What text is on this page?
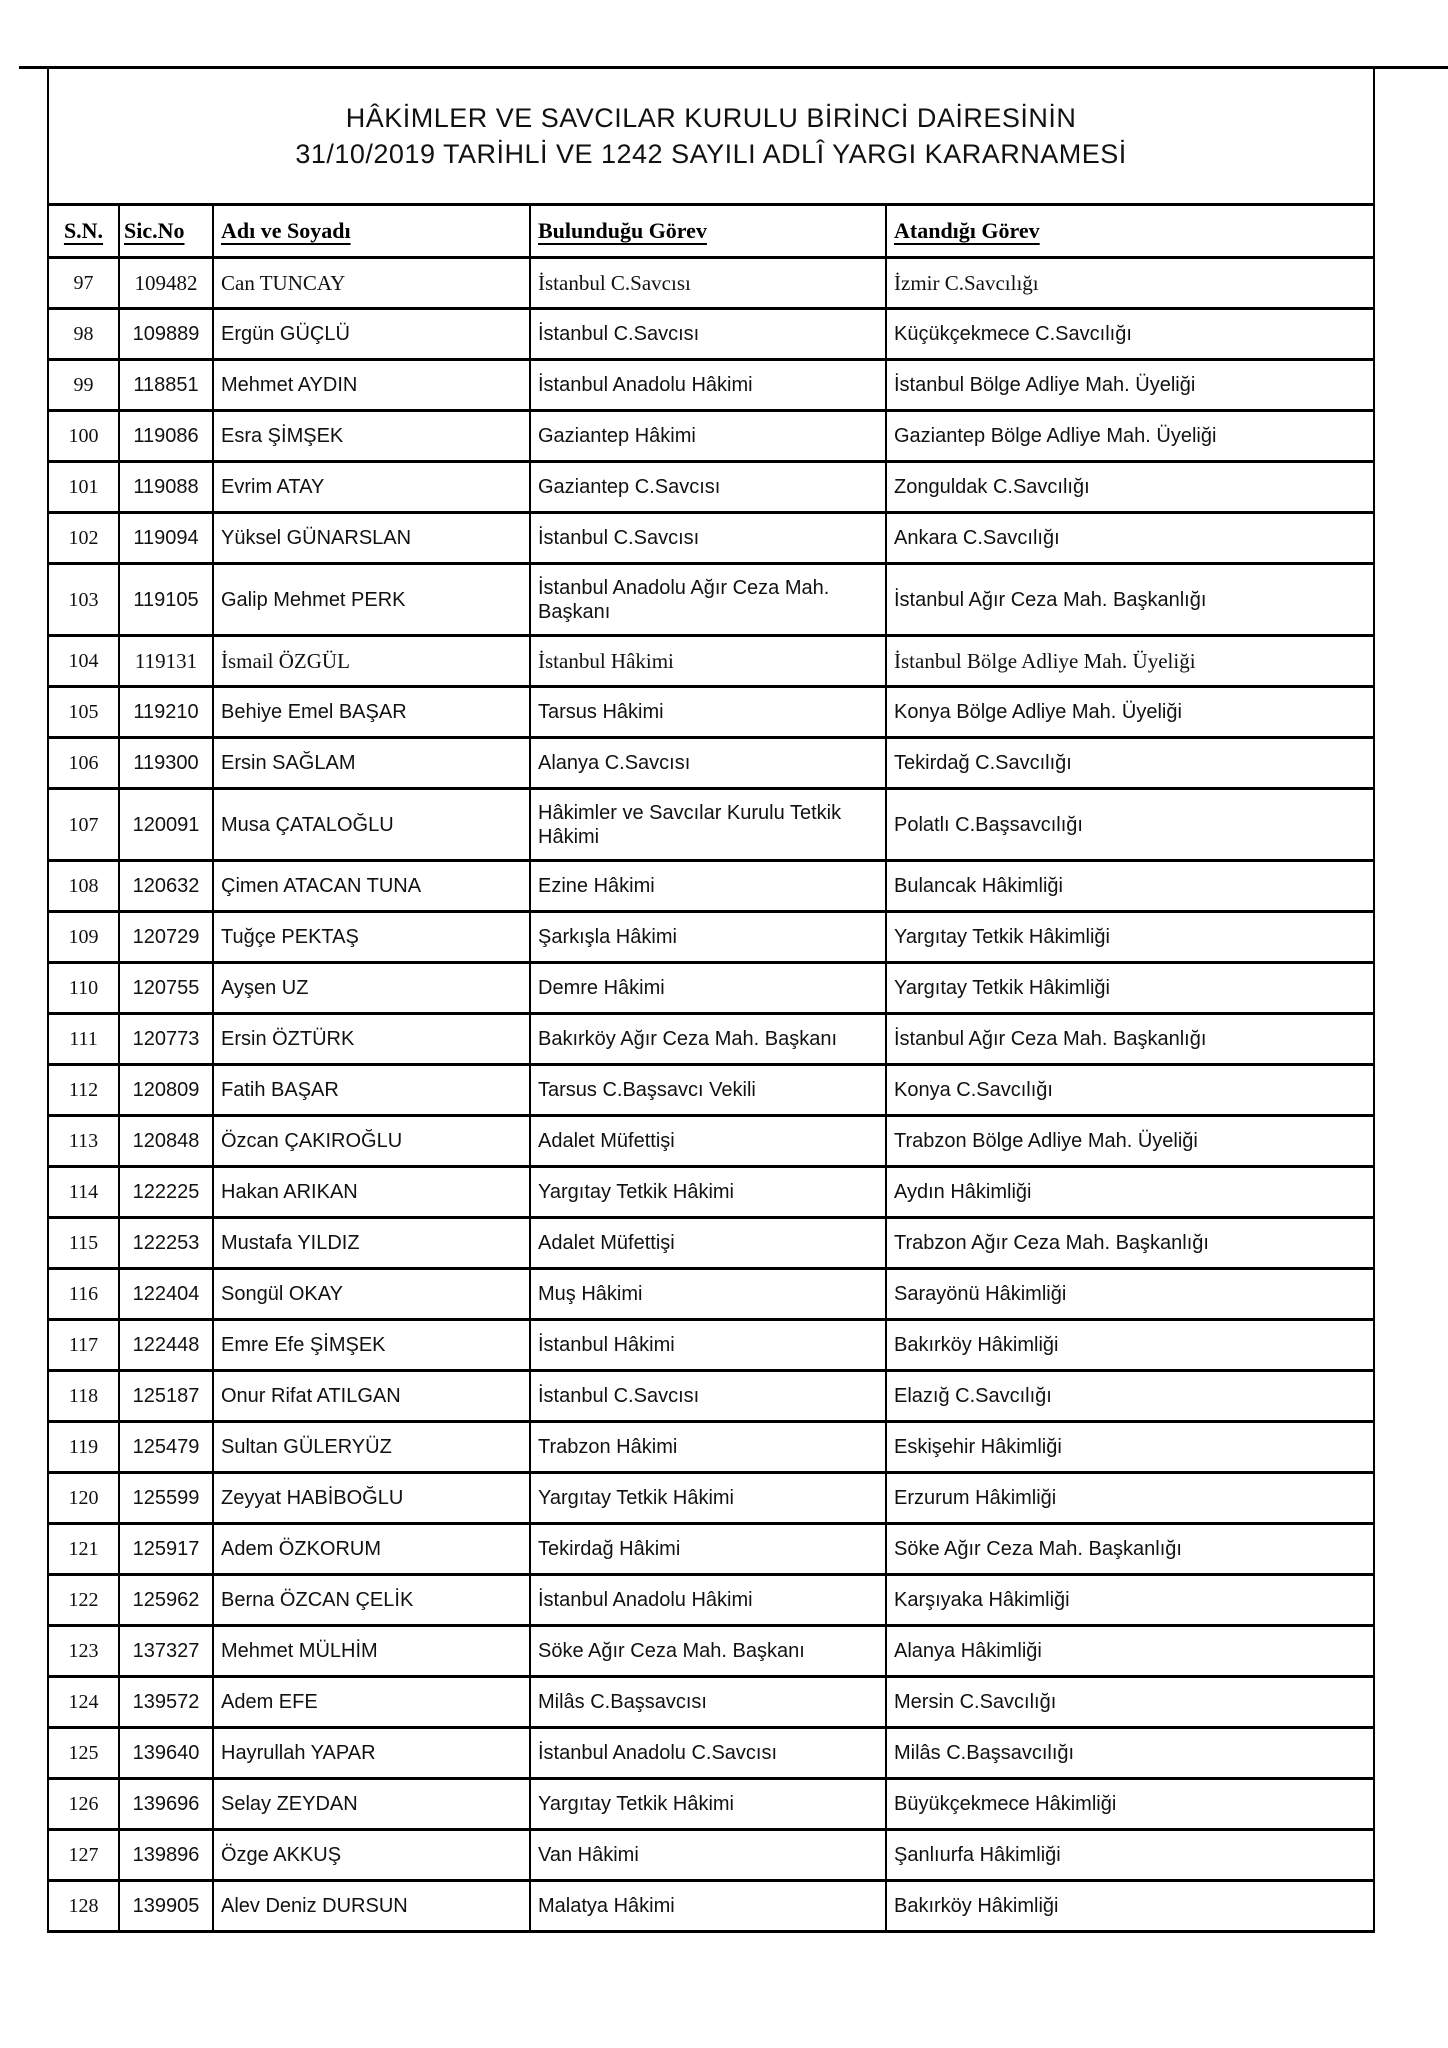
HÂKİMLER VE SAVCILAR KURULU BİRİNCİ DAİRESİNİN
31/10/2019 TARİHLİ VE 1242 SAYILI ADLÎ YARGI KARARNAMESİ				

S.N.	Sic.No	Adı ve Soyadı	Bulunduğu Görev	Atandığı Görev
97	109482	Can TUNCAY	İstanbul C.Savcısı	İzmir C.Savcılığı
98	109889	Ergün GÜÇLÜ	İstanbul C.Savcısı	Küçükçekmece C.Savcılığı
99	118851	Mehmet AYDIN	İstanbul Anadolu Hâkimi	İstanbul Bölge Adliye Mah. Üyeliği
100	119086	Esra ŞİMŞEK	Gaziantep Hâkimi	Gaziantep Bölge Adliye Mah. Üyeliği
101	119088	Evrim ATAY	Gaziantep C.Savcısı	Zonguldak C.Savcılığı
102	119094	Yüksel GÜNARSLAN	İstanbul C.Savcısı	Ankara C.Savcılığı
103	119105	Galip Mehmet PERK	İstanbul Anadolu Ağır Ceza Mah. Başkanı	İstanbul Ağır Ceza Mah. Başkanlığı
104	119131	İsmail ÖZGÜL	İstanbul Hâkimi	İstanbul Bölge Adliye Mah. Üyeliği
105	119210	Behiye Emel BAŞAR	Tarsus Hâkimi	Konya Bölge Adliye Mah. Üyeliği
106	119300	Ersin SAĞLAM	Alanya C.Savcısı	Tekirdağ C.Savcılığı
107	120091	Musa ÇATALOĞLU	Hâkimler ve Savcılar Kurulu Tetkik Hâkimi	Polatlı C.Başsavcılığı
108	120632	Çimen ATACAN TUNA	Ezine Hâkimi	Bulancak Hâkimliği
109	120729	Tuğçe PEKTAŞ	Şarkışla Hâkimi	Yargıtay Tetkik Hâkimliği
110	120755	Ayşen UZ	Demre Hâkimi	Yargıtay Tetkik Hâkimliği
111	120773	Ersin ÖZTÜRK	Bakırköy Ağır Ceza Mah. Başkanı	İstanbul Ağır Ceza Mah. Başkanlığı
112	120809	Fatih BAŞAR	Tarsus C.Başsavcı Vekili	Konya C.Savcılığı
113	120848	Özcan ÇAKIROĞLU	Adalet Müfettişi	Trabzon Bölge Adliye Mah. Üyeliği
114	122225	Hakan ARIKAN	Yargıtay Tetkik Hâkimi	Aydın Hâkimliği
115	122253	Mustafa YILDIZ	Adalet Müfettişi	Trabzon Ağır Ceza Mah. Başkanlığı
116	122404	Songül OKAY	Muş Hâkimi	Sarayönü Hâkimliği
117	122448	Emre Efe ŞİMŞEK	İstanbul Hâkimi	Bakırköy Hâkimliği
118	125187	Onur Rifat ATILGAN	İstanbul C.Savcısı	Elazığ C.Savcılığı
119	125479	Sultan GÜLERYÜZ	Trabzon Hâkimi	Eskişehir Hâkimliği
120	125599	Zeyyat HABİBOĞLU	Yargıtay Tetkik Hâkimi	Erzurum Hâkimliği
121	125917	Adem ÖZKORUM	Tekirdağ Hâkimi	Söke Ağır Ceza Mah. Başkanlığı
122	125962	Berna ÖZCAN ÇELİK	İstanbul Anadolu Hâkimi	Karşıyaka Hâkimliği
123	137327	Mehmet MÜLHİM	Söke Ağır Ceza Mah. Başkanı	Alanya Hâkimliği
124	139572	Adem EFE	Milâs C.Başsavcısı	Mersin C.Savcılığı
125	139640	Hayrullah YAPAR	İstanbul Anadolu C.Savcısı	Milâs C.Başsavcılığı
126	139696	Selay ZEYDAN	Yargıtay Tetkik Hâkimi	Büyükçekmece Hâkimliği
127	139896	Özge AKKUŞ	Van Hâkimi	Şanlıurfa Hâkimliği
128	139905	Alev Deniz DURSUN	Malatya Hâkimi	Bakırköy Hâkimliği
